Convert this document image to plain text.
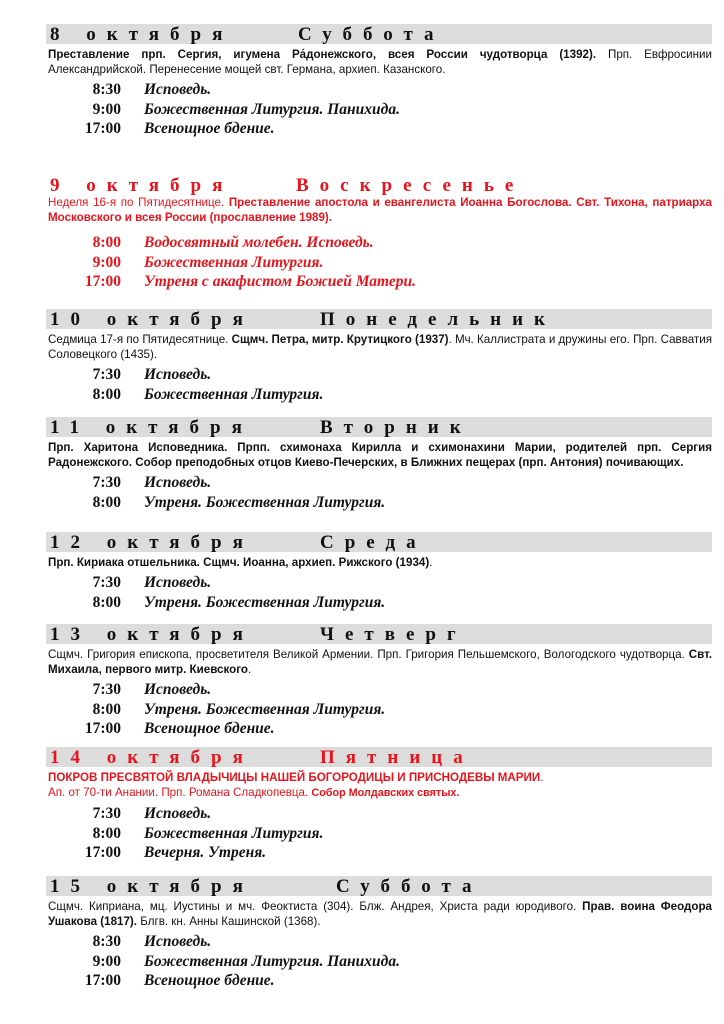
8 октября	Суббота
Преставление прп. Сергия, игумена Ра́донежского, всея России чудотворца (1392). Прп. Евфросинии Александрийской. Перенесение мощей свт. Германа, архиеп. Казанского.
8:30 Исповедь.
9:00 Божественная Литургия. Панихида.
17:00 Всенощное бдение.
9 октября	Воскресенье
Неделя 16-я по Пятидесятнице. Преставление апостола и евангелиста Иоанна Богослова. Свт. Тихона, патриарха Московского и всея России (прославление 1989).
8:00 Водосвятный молебен. Исповедь.
9:00 Божественная Литургия.
17:00 Утреня с акафистом Божией Матери.
10 октября	Понедельник
Седмица 17-я по Пятидесятнице. Сщмч. Петра, митр. Крутицкого (1937). Мч. Каллистрата и дружины его. Прп. Савватия Соловецкого (1435).
7:30 Исповедь.
8:00 Божественная Литургия.
11 октября	Вторник
Прп. Харитона Исповедника. Прпп. схимонаха Кирилла и схимонахини Марии, родителей прп. Сергия Радонежского. Собор преподобных отцов Киево-Печерских, в Ближних пещерах (прп. Антония) почивающих.
7:30 Исповедь.
8:00 Утреня. Божественная Литургия.
12 октября	Среда
Прп. Кириака отшельника. Сщмч. Иоанна, архиеп. Рижского (1934).
7:30 Исповедь.
8:00 Утреня. Божественная Литургия.
13 октября	Четверг
Сщмч. Григория епископа, просветителя Великой Армении. Прп. Григория Пельшемского, Вологодского чудотворца. Свт. Михаила, первого митр. Киевского.
7:30 Исповедь.
8:00 Утреня. Божественная Литургия.
17:00 Всенощное бдение.
14 октября	Пятница
ПОКРОВ ПРЕСВЯТОЙ ВЛАДЫЧИЦЫ НАШЕЙ БОГОРОДИЦЫ И ПРИСНОДЕВЫ МАРИИ.
Ап. от 70-ти Анании. Прп. Романа Сладкопевца. Собор Молдавских святых.
7:30 Исповедь.
8:00 Божественная Литургия.
17:00 Вечерня. Утреня.
15 октября	Суббота
Сщмч. Киприана, мц. Иустины и мч. Феоктиста (304). Блж. Андрея, Христа ради юродивого. Прав. воина Феодора Ушакова (1817). Блгв. кн. Анны Кашинской (1368).
8:30 Исповедь.
9:00 Божественная Литургия. Панихида.
17:00 Всенощное бдение.
